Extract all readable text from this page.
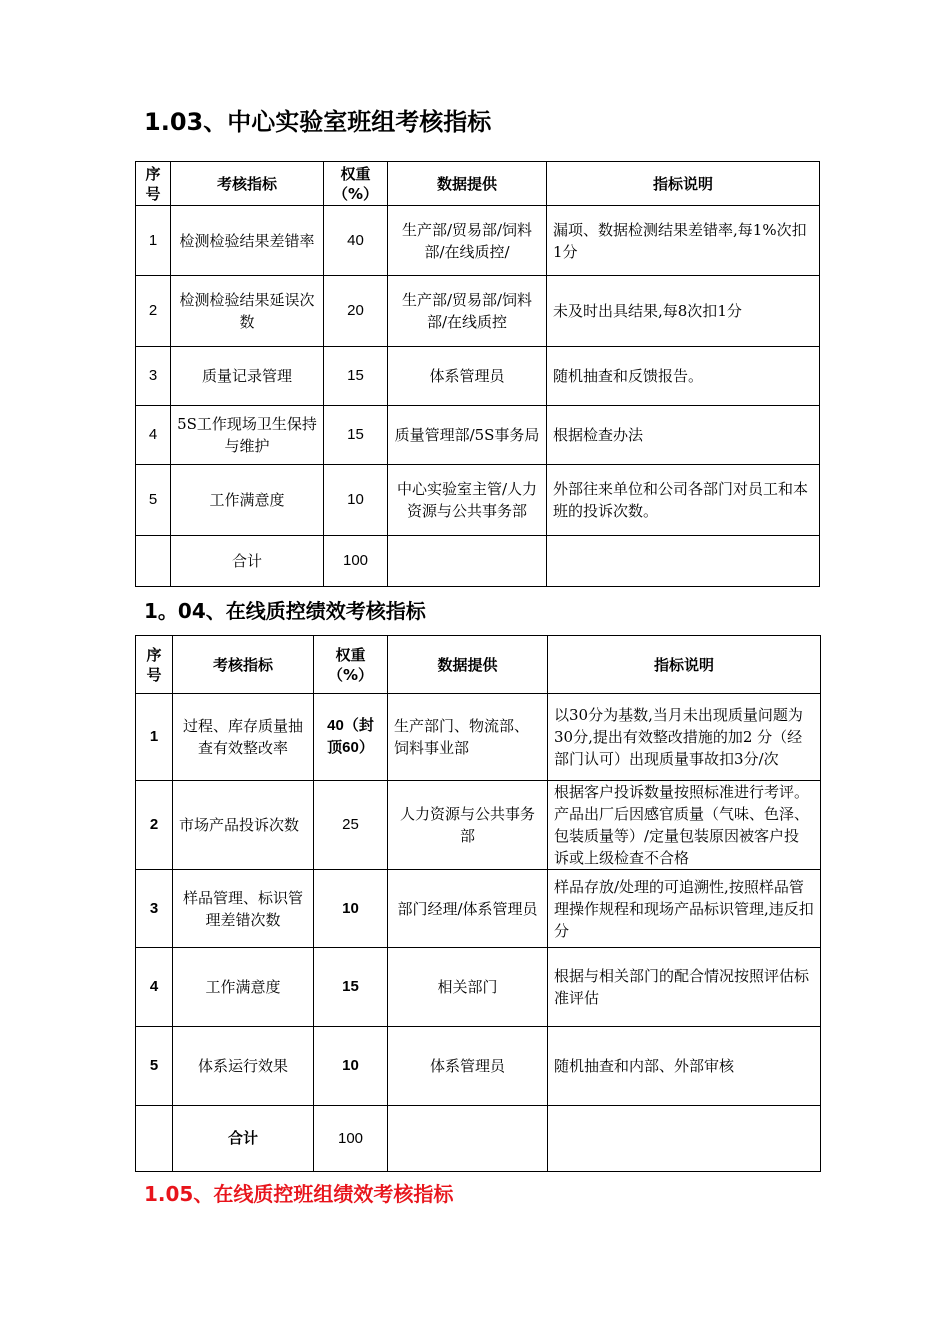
1.03、中心实验室班组考核指标
序号	考核指标	权重（%）	数据提供	指标说明
1	检测检验结果差错率	40	生产部/贸易部/饲料部/在线质控/	漏项、数据检测结果差错率,每1%次扣1分
2	检测检验结果延误次数	20	生产部/贸易部/饲料部/在线质控	未及时出具结果,每8次扣1分
3	质量记录管理	15	体系管理员	随机抽查和反馈报告。
4	5S工作现场卫生保持与维护	15	质量管理部/5S事务局	根据检查办法
5	工作满意度	10	中心实验室主管/人力资源与公共事务部	外部往来单位和公司各部门对员工和本班的投诉次数。
	合计	100		
1。04、在线质控绩效考核指标
序号	考核指标	权重（%）	数据提供	指标说明
1	过程、库存质量抽查有效整改率	40（封顶60）	生产部门、物流部、饲料事业部	以30分为基数,当月未出现质量问题为30分,提出有效整改措施的加2 分（经部门认可）出现质量事故扣3分/次
2	市场产品投诉次数	25	人力资源与公共事务部	根据客户投诉数量按照标准进行考评。产品出厂后因感官质量（气味、色泽、包装质量等）/定量包装原因被客户投诉或上级检查不合格
3	样品管理、标识管理差错次数	10	部门经理/体系管理员	样品存放/处理的可追溯性,按照样品管理操作规程和现场产品标识管理,违反扣分
4	工作满意度	15	相关部门	根据与相关部门的配合情况按照评估标准评估
5	体系运行效果	10	体系管理员	随机抽查和内部、外部审核
	合计	100		
1.05、在线质控班组绩效考核指标
